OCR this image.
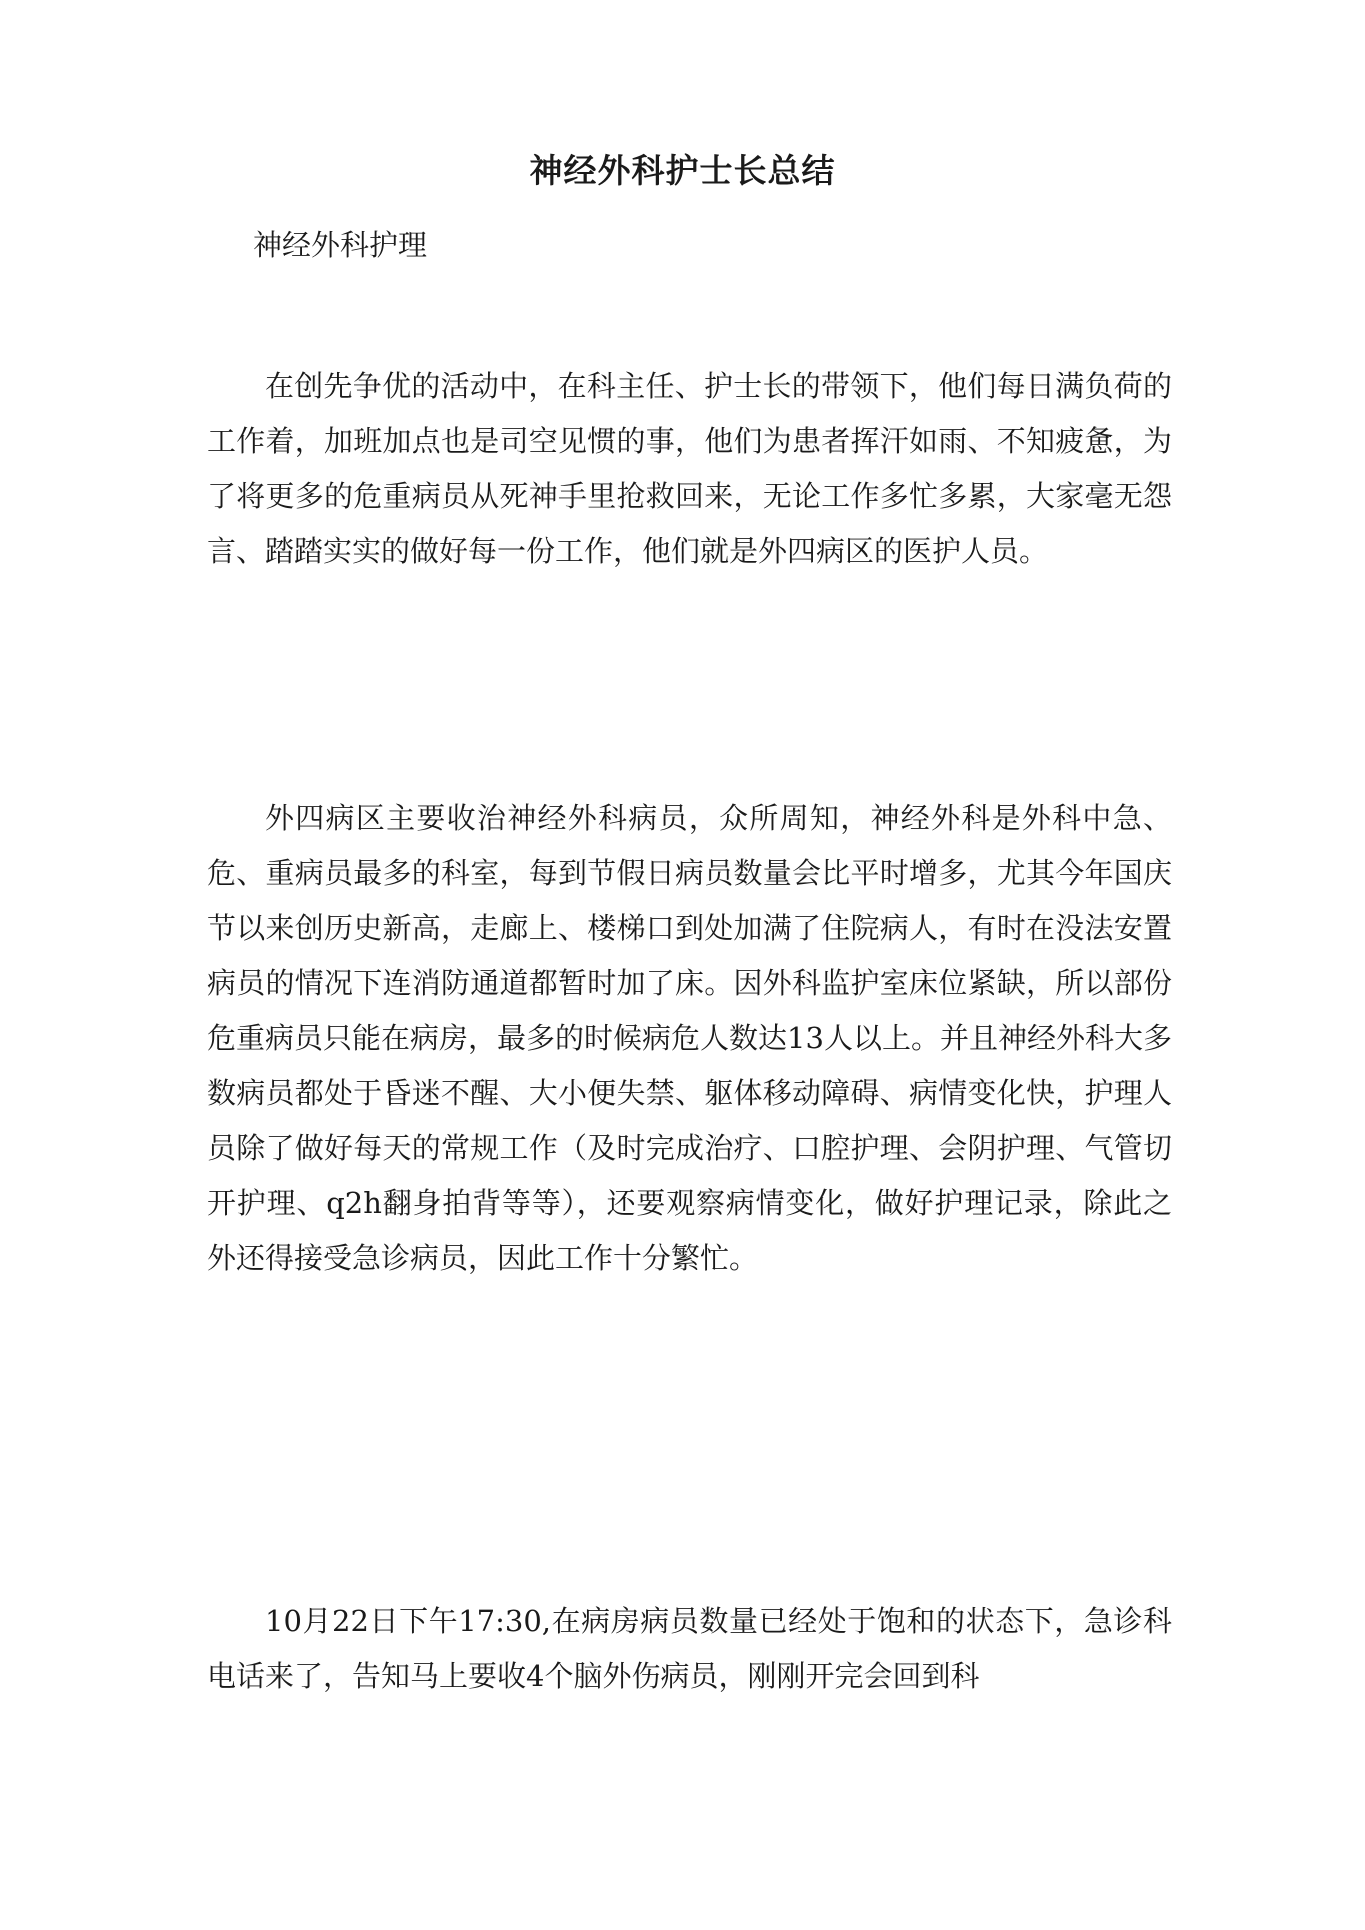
神经外科护士长总结
神经外科护理

在创先争优的活动中，在科主任、护士长的带领下，他们每日满负荷的工作着，加班加点也是司空见惯的事，他们为患者挥汗如雨、不知疲惫，为了将更多的危重病员从死神手里抢救回来，无论工作多忙多累，大家毫无怨言、踏踏实实的做好每一份工作，他们就是外四病区的医护人员。

外四病区主要收治神经外科病员，众所周知，神经外科是外科中急、危、重病员最多的科室，每到节假日病员数量会比平时增多，尤其今年国庆节以来创历史新高，走廊上、楼梯口到处加满了住院病人，有时在没法安置病员的情况下连消防通道都暂时加了床。因外科监护室床位紧缺，所以部份危重病员只能在病房，最多的时候病危人数达13人以上。并且神经外科大多数病员都处于昏迷不醒、大小便失禁、躯体移动障碍、病情变化快，护理人员除了做好每天的常规工作（及时完成治疗、口腔护理、会阴护理、气管切开护理、q2h翻身拍背等等），还要观察病情变化，做好护理记录，除此之外还得接受急诊病员，因此工作十分繁忙。

10月22日下午17:30,在病房病员数量已经处于饱和的状态下，急诊科电话来了，告知马上要收4个脑外伤病员，刚刚开完会回到科
